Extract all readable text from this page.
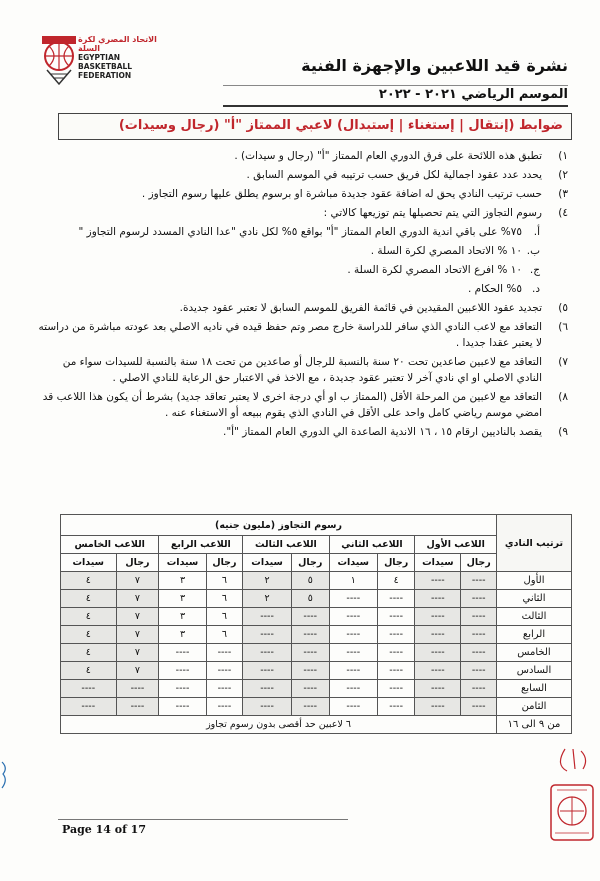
الاتحاد المصري لكرة السلة
EGYPTIAN BASKETBALL
FEDERATION
نشرة قيد اللاعبين والإجهزة الفنية
الموسم الرياضي ٢٠٢١ - ٢٠٢٢
ضوابط (إنتقال | إستغناء | إستبدال) لاعبي الممتاز "أ" (رجال وسيدات)
١)
تطبق هذه اللائحة على فرق الدوري العام الممتاز "أ" (رجال و سيدات) .
٢)
يحدد عدد عقود اجمالية لكل فريق حسب ترتيبه في الموسم السابق .
٣)
حسب ترتيب النادي يحق له اضافة عقود جديدة مباشرة او برسوم يطلق عليها رسوم التجاوز .
٤)
رسوم التجاوز التي يتم تحصيلها يتم توزيعها كالاتي :
أ.
٧٥% على باقي اندية الدوري العام الممتاز "أ" بواقع ٥% لكل نادي "عدا النادي المسدد لرسوم التجاوز "
ب.
١٠ % الاتحاد المصري لكرة السلة .
ج.
١٠ % افرع الاتحاد المصري لكرة السلة .
د.
٥% الحكام .
٥)
تجديد عقود اللاعبين المقيدين في قائمة الفريق للموسم السابق لا تعتبر عقود جديدة.
٦)
التعاقد مع لاعب النادي الذي سافر للدراسة خارج مصر وتم حفظ قيده في ناديه الاصلي بعد عودته مباشرة من دراسته لا يعتبر عقدا جديدا .
٧)
التعاقد مع لاعبين صاعدين تحت ٢٠ سنة بالنسبة للرجال أو صاعدين من تحت ١٨ سنة بالنسبة للسيدات سواء من النادي الاصلي او اي نادي آخر لا تعتبر عقود جديدة ، مع الاخذ في الاعتبار حق الرعاية للنادي الاصلي .
٨)
التعاقد مع لاعبين من المرحلة الأقل (الممتاز ب او أي درجة اخرى لا يعتبر تعاقد جديد) بشرط أن يكون هذا اللاعب قد امضي موسم رياضي كامل واحد على الأقل في النادي الذي يقوم ببيعه أو الاستغناء عنه .
٩)
يقصد بالناديين ارقام ١٥ ، ١٦ الاندية الصاعدة الي الدوري العام الممتاز "أ".
ترتيب النادي	رسوم التجاوز (مليون جنيه)									
	اللاعب الأول		اللاعب الثاني		اللاعب الثالث		اللاعب الرابع		اللاعب الخامس	
	رجال	سيدات	رجال	سيدات	رجال	سيدات	رجال	سيدات	رجال	سيدات
الأول	----	----	٤	١	٥	٢	٦	٣	٧	٤
الثاني	----	----	----	----	٥	٢	٦	٣	٧	٤
الثالث	----	----	----	----	----	----	٦	٣	٧	٤
الرابع	----	----	----	----	----	----	٦	٣	٧	٤
الخامس	----	----	----	----	----	----	----	----	٧	٤
السادس	----	----	----	----	----	----	----	----	٧	٤
السابع	----	----	----	----	----	----	----	----	----	----
الثامن	----	----	----	----	----	----	----	----	----	----
من ٩ الى ١٦	٦ لاعبين حد أقصى بدون رسوم تجاوز									
Page 14 of 17
